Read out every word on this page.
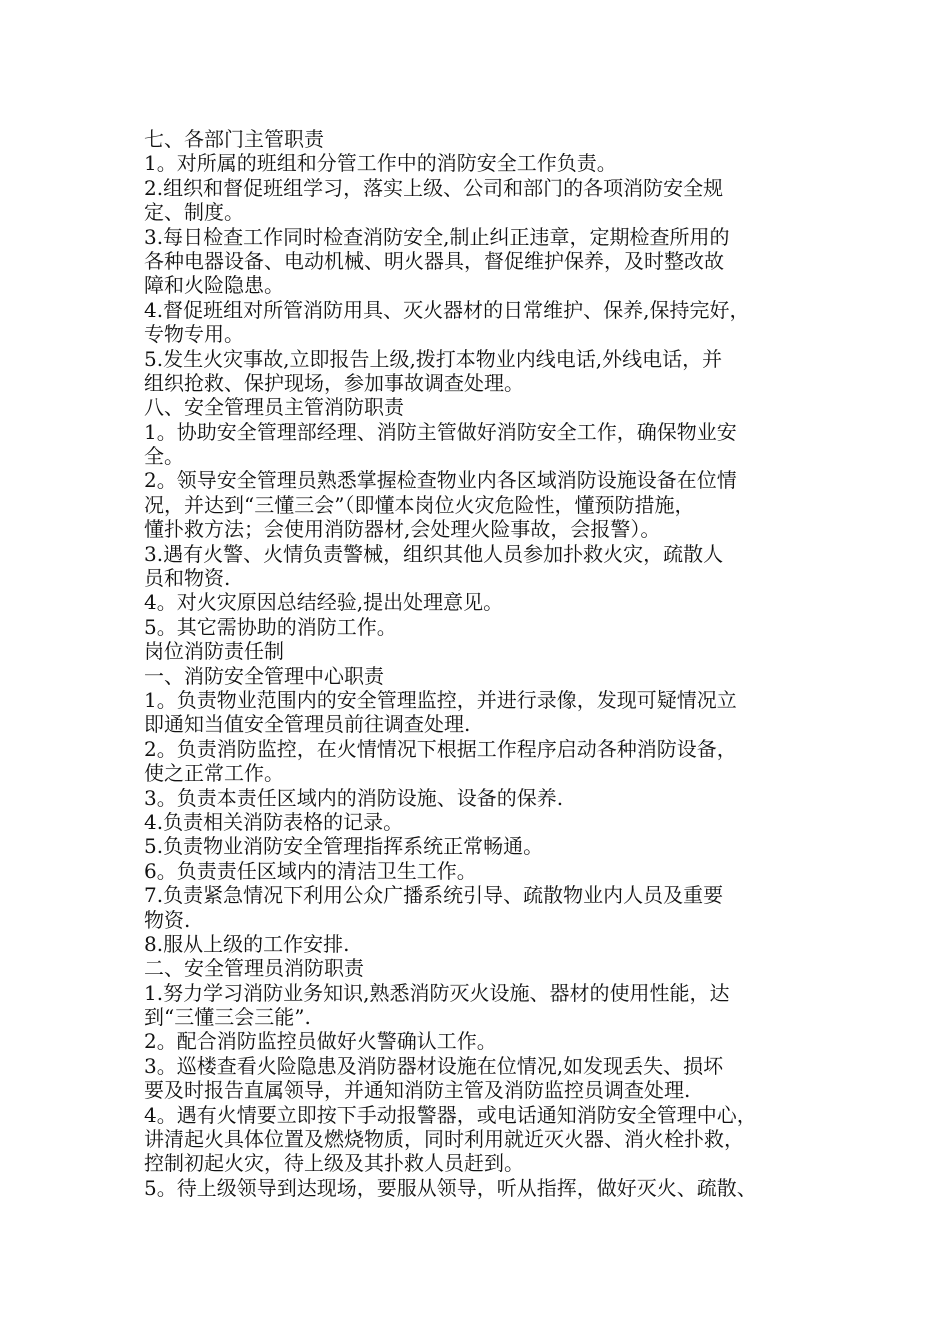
七、各部门主管职责
1。对所属的班组和分管工作中的消防安全工作负责。
2.组织和督促班组学习，落实上级、公司和部门的各项消防安全规
定、制度。
3.每日检查工作同时检查消防安全,制止纠正违章，定期检查所用的
各种电器设备、电动机械、明火器具，督促维护保养，及时整改故
障和火险隐患。
4.督促班组对所管消防用具、灭火器材的日常维护、保养,保持完好，
专物专用。
5.发生火灾事故,立即报告上级,拨打本物业内线电话,外线电话，并
组织抢救、保护现场，参加事故调查处理。
八、安全管理员主管消防职责
1。协助安全管理部经理、消防主管做好消防安全工作，确保物业安
全。
2。领导安全管理员熟悉掌握检查物业内各区域消防设施设备在位情
况，并达到“三懂三会”（即懂本岗位火灾危险性，懂预防措施，
懂扑救方法；会使用消防器材,会处理火险事故，会报警）。
3.遇有火警、火情负责警械，组织其他人员参加扑救火灾，疏散人
员和物资.
4。对火灾原因总结经验,提出处理意见。
5。其它需协助的消防工作。
岗位消防责任制
一、消防安全管理中心职责
1。负责物业范围内的安全管理监控，并进行录像，发现可疑情况立
即通知当值安全管理员前往调查处理.
2。负责消防监控，在火情情况下根据工作程序启动各种消防设备，
使之正常工作。
3。负责本责任区域内的消防设施、设备的保养.
4.负责相关消防表格的记录。
5.负责物业消防安全管理指挥系统正常畅通。
6。负责责任区域内的清洁卫生工作。
7.负责紧急情况下利用公众广播系统引导、疏散物业内人员及重要
物资.
8.服从上级的工作安排.
二、安全管理员消防职责
1.努力学习消防业务知识,熟悉消防灭火设施、器材的使用性能，达
到“三懂三会三能”.
2。配合消防监控员做好火警确认工作。
3。巡楼查看火险隐患及消防器材设施在位情况,如发现丢失、损坏
要及时报告直属领导，并通知消防主管及消防监控员调查处理.
4。遇有火情要立即按下手动报警器，或电话通知消防安全管理中心，
讲清起火具体位置及燃烧物质，同时利用就近灭火器、消火栓扑救，
控制初起火灾，待上级及其扑救人员赶到。
5。待上级领导到达现场，要服从领导，听从指挥，做好灭火、疏散、
